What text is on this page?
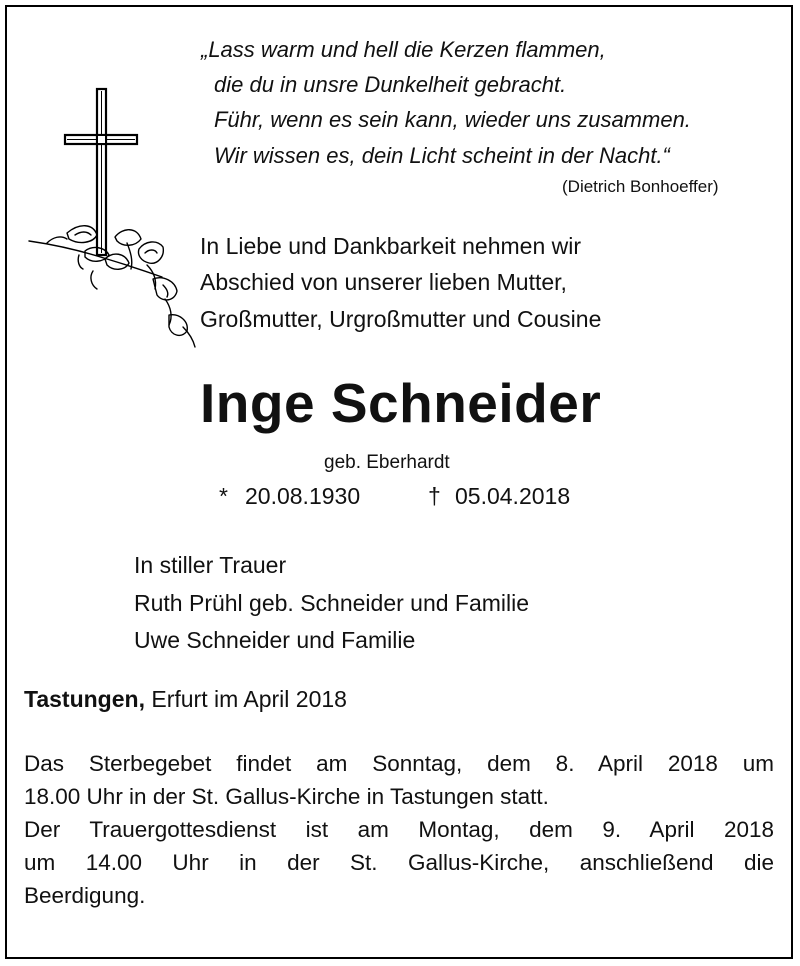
„Lass warm und hell die Kerzen flammen,
die du in unsre Dunkelheit gebracht.
Führ, wenn es sein kann, wieder uns zusammen.
Wir wissen es, dein Licht scheint in der Nacht.“
(Dietrich Bonhoeffer)
In Liebe und Dankbarkeit nehmen wir
Abschied von unserer lieben Mutter,
Großmutter, Urgroßmutter und Cousine
Inge Schneider
geb. Eberhardt
* 20.08.1930	† 05.04.2018
In stiller Trauer
Ruth Prühl geb. Schneider und Familie
Uwe Schneider und Familie
Tastungen, Erfurt im April 2018
Das Sterbegebet findet am Sonntag, dem 8. April 2018 um
18.00 Uhr in der St. Gallus-Kirche in Tastungen statt.
Der Trauergottesdienst ist am Montag, dem 9. April 2018
um 14.00 Uhr in der St. Gallus-Kirche, anschließend die
Beerdigung.
